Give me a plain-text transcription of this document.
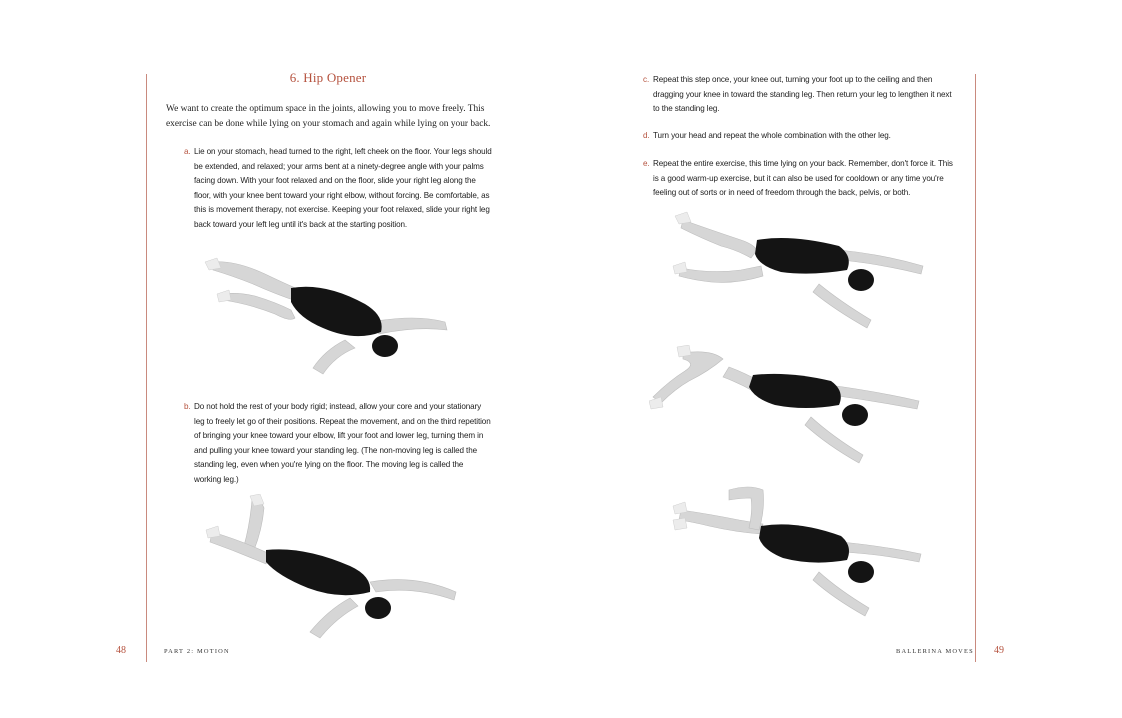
6. Hip Opener
We want to create the optimum space in the joints, allowing you to move freely. This exercise can be done while lying on your stomach and again while lying on your back.
a. Lie on your stomach, head turned to the right, left cheek on the floor. Your legs should be extended, and relaxed; your arms bent at a ninety-degree angle with your palms facing down. With your foot relaxed and on the floor, slide your right leg along the floor, with your knee bent toward your right elbow, without forcing. Be comfortable, as this is movement therapy, not exercise. Keeping your foot relaxed, slide your right leg back toward your left leg until it's back at the starting position.
b. Do not hold the rest of your body rigid; instead, allow your core and your stationary leg to freely let go of their positions. Repeat the movement, and on the third repetition of bringing your knee toward your elbow, lift your foot and lower leg, turning them in and pulling your knee toward your standing leg. (The non-moving leg is called the standing leg, even when you're lying on the floor. The moving leg is called the working leg.)
48	PART 2: MOTION
c. Repeat this step once, your knee out, turning your foot up to the ceiling and then dragging your knee in toward the standing leg. Then return your leg to lengthen it next to the standing leg.
d. Turn your head and repeat the whole combination with the other leg.
e. Repeat the entire exercise, this time lying on your back. Remember, don't force it. This is a good warm-up exercise, but it can also be used for cooldown or any time you're feeling out of sorts or in need of freedom through the back, pelvis, or both.
BALLERINA MOVES 49
